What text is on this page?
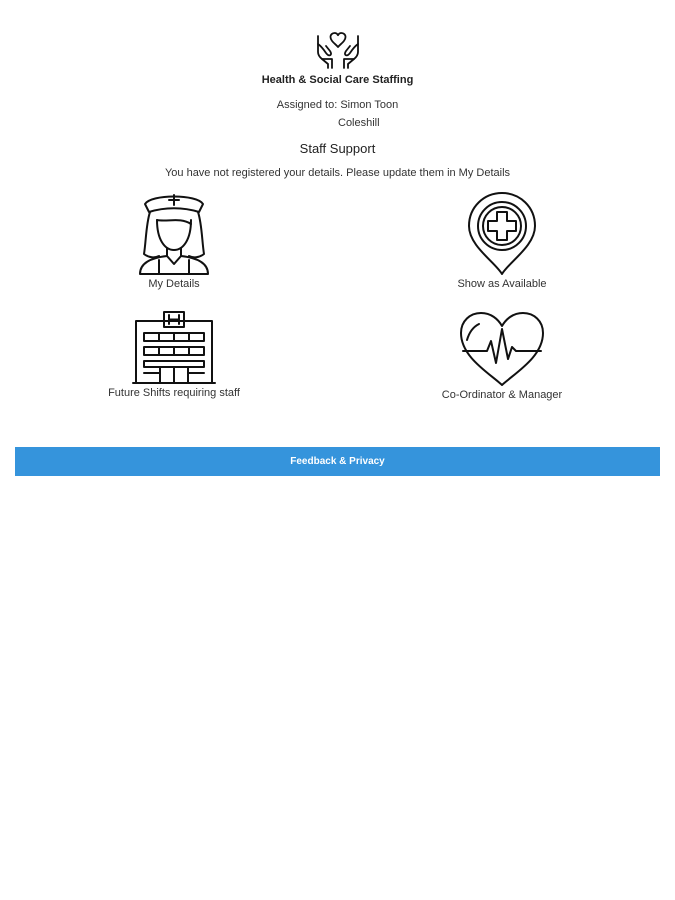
Health & Social Care Staffing
Assigned to: Simon Toon
Coleshill
Staff Support
You have not registered your details. Please update them in My Details
My Details	Show as Available
Future Shifts requiring staff	Co-Ordinator & Manager
Feedback & Privacy
